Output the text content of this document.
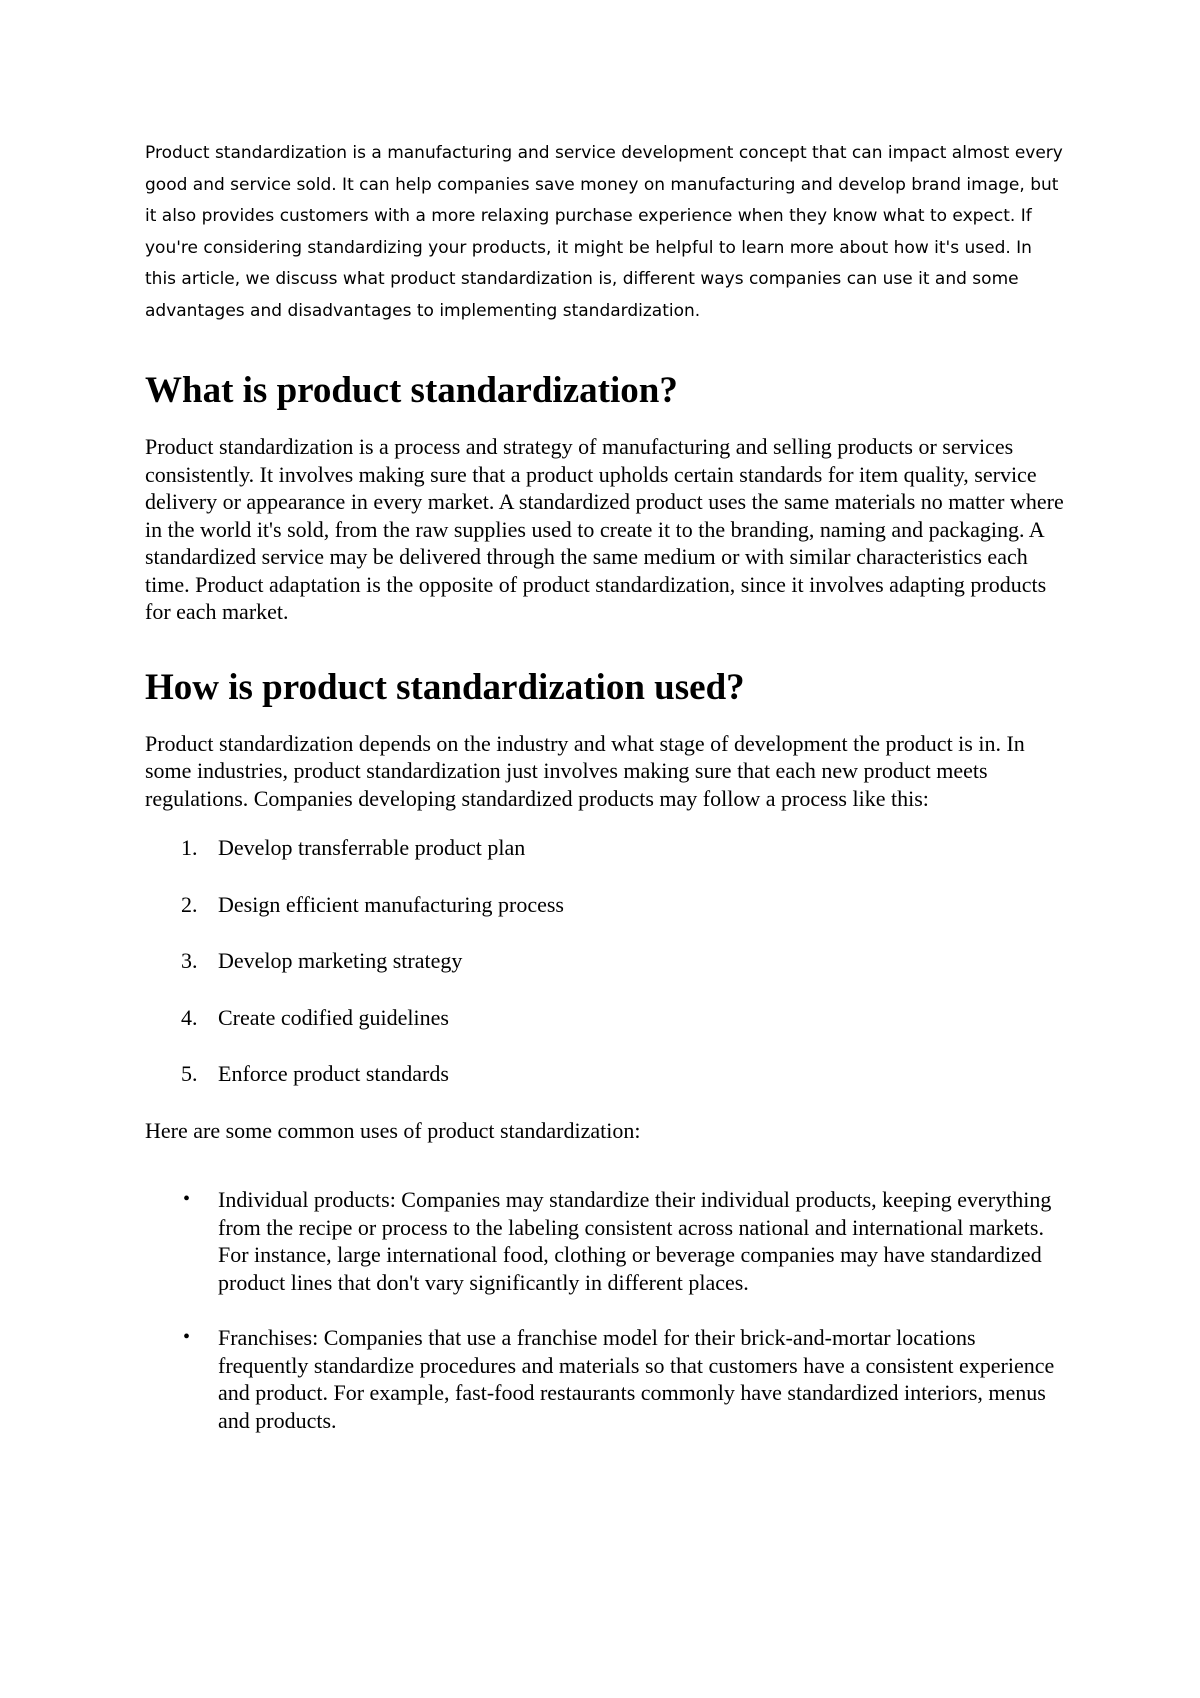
Product standardization is a manufacturing and service development concept that can impact almost every good and service sold. It can help companies save money on manufacturing and develop brand image, but it also provides customers with a more relaxing purchase experience when they know what to expect. If you're considering standardizing your products, it might be helpful to learn more about how it's used. In this article, we discuss what product standardization is, different ways companies can use it and some advantages and disadvantages to implementing standardization.

What is product standardization?

Product standardization is a process and strategy of manufacturing and selling products or services consistently. It involves making sure that a product upholds certain standards for item quality, service delivery or appearance in every market. A standardized product uses the same materials no matter where in the world it's sold, from the raw supplies used to create it to the branding, naming and packaging. A standardized service may be delivered through the same medium or with similar characteristics each time. Product adaptation is the opposite of product standardization, since it involves adapting products for each market.

How is product standardization used?

Product standardization depends on the industry and what stage of development the product is in. In some industries, product standardization just involves making sure that each new product meets regulations. Companies developing standardized products may follow a process like this:

1. Develop transferrable product plan
2. Design efficient manufacturing process
3. Develop marketing strategy
4. Create codified guidelines
5. Enforce product standards

Here are some common uses of product standardization:

• Individual products: Companies may standardize their individual products, keeping everything from the recipe or process to the labeling consistent across national and international markets. For instance, large international food, clothing or beverage companies may have standardized product lines that don't vary significantly in different places.
• Franchises: Companies that use a franchise model for their brick-and-mortar locations frequently standardize procedures and materials so that customers have a consistent experience and product. For example, fast-food restaurants commonly have standardized interiors, menus and products.
